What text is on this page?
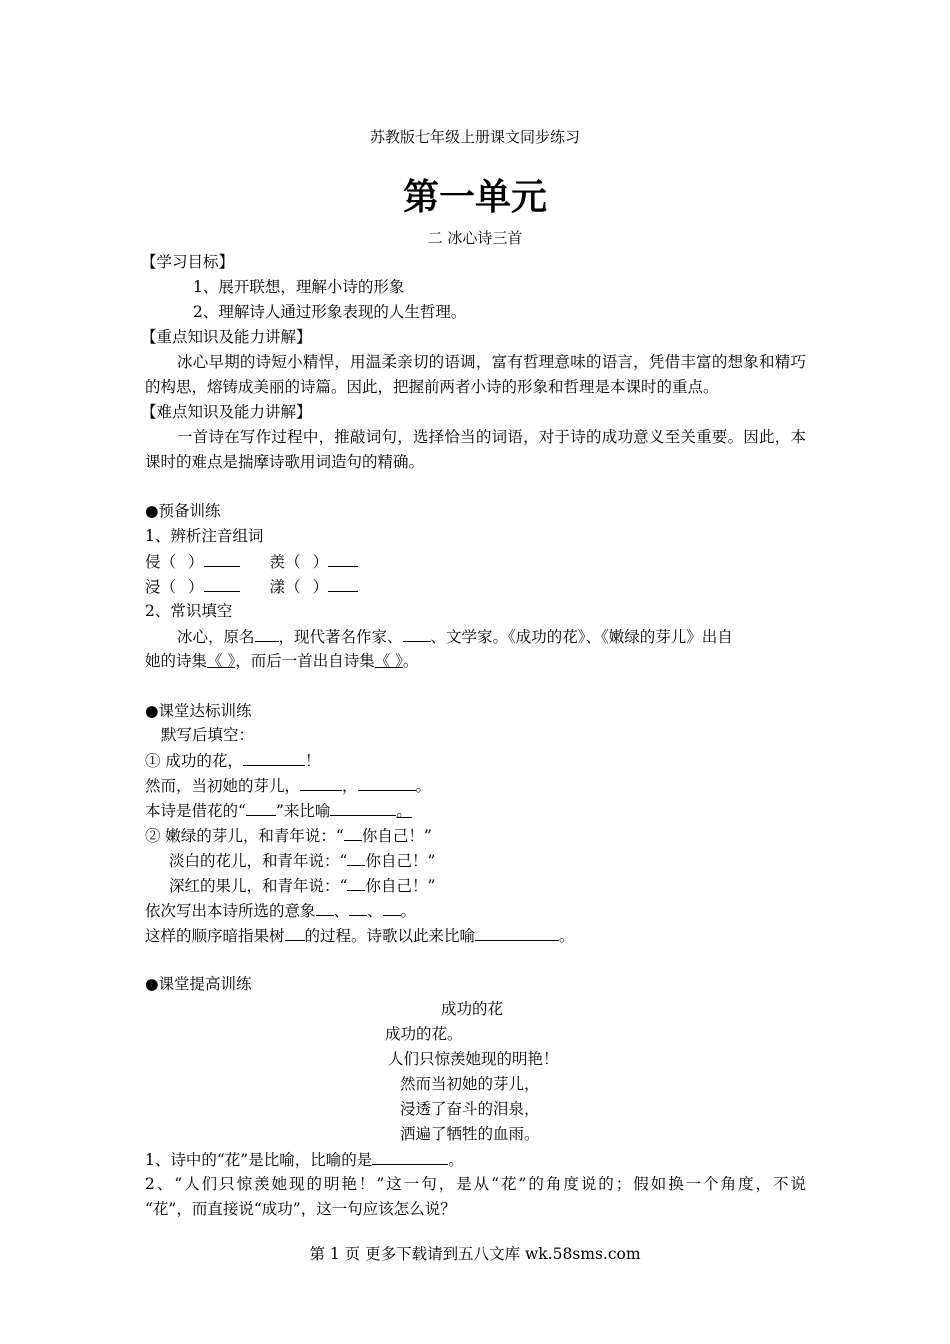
苏教版七年级上册课文同步练习
第一单元
二 冰心诗三首
【学习目标】
1、展开联想，理解小诗的形象
2、理解诗人通过形象表现的人生哲理。
【重点知识及能力讲解】
冰心早期的诗短小精悍，用温柔亲切的语调，富有哲理意味的语言，凭借丰富的想象和精巧的构思，熔铸成美丽的诗篇。因此，把握前两者小诗的形象和哲理是本课时的重点。
【难点知识及能力讲解】
一首诗在写作过程中，推敲词句，选择恰当的词语，对于诗的成功意义至关重要。因此，本课时的难点是揣摩诗歌用词造句的精确。
●预备训练
1、辨析注音组词
侵（ ）	羡（ ）
浸（ ）	漾（ ）
2、常识填空
冰心，原名 ，现代著名作家、 、文学家。《成功的花》、《嫩绿的芽儿》出自
她的诗集《 》，而后一首出自诗集《 》。
●课堂达标训练
默写后填空：
① 成功的花，	！
然而，当初她的芽儿，	，	。
本诗是借花的“ ”来比喻	。
② 嫩绿的芽儿，和青年说：“ 你自己！”
淡白的花儿，和青年说：“ 你自己！”
深红的果儿，和青年说：“ 你自己！”
依次写出本诗所选的意象 、 、 。
这样的顺序暗指果树 的过程。诗歌以此来比喻	。
●课堂提高训练
成功的花
成功的花。
人们只惊羡她现的明艳！
然而当初她的芽儿，
浸透了奋斗的泪泉，
洒遍了牺牲的血雨。
1、诗中的“花”是比喻，比喻的是	。
2、“人们只惊羡她现的明艳！”这一句，是从“花”的角度说的；假如换一个角度，不说
“花”，而直接说“成功”，这一句应该怎么说？
第 1 页 更多下载请到五八文库 wk.58sms.com
